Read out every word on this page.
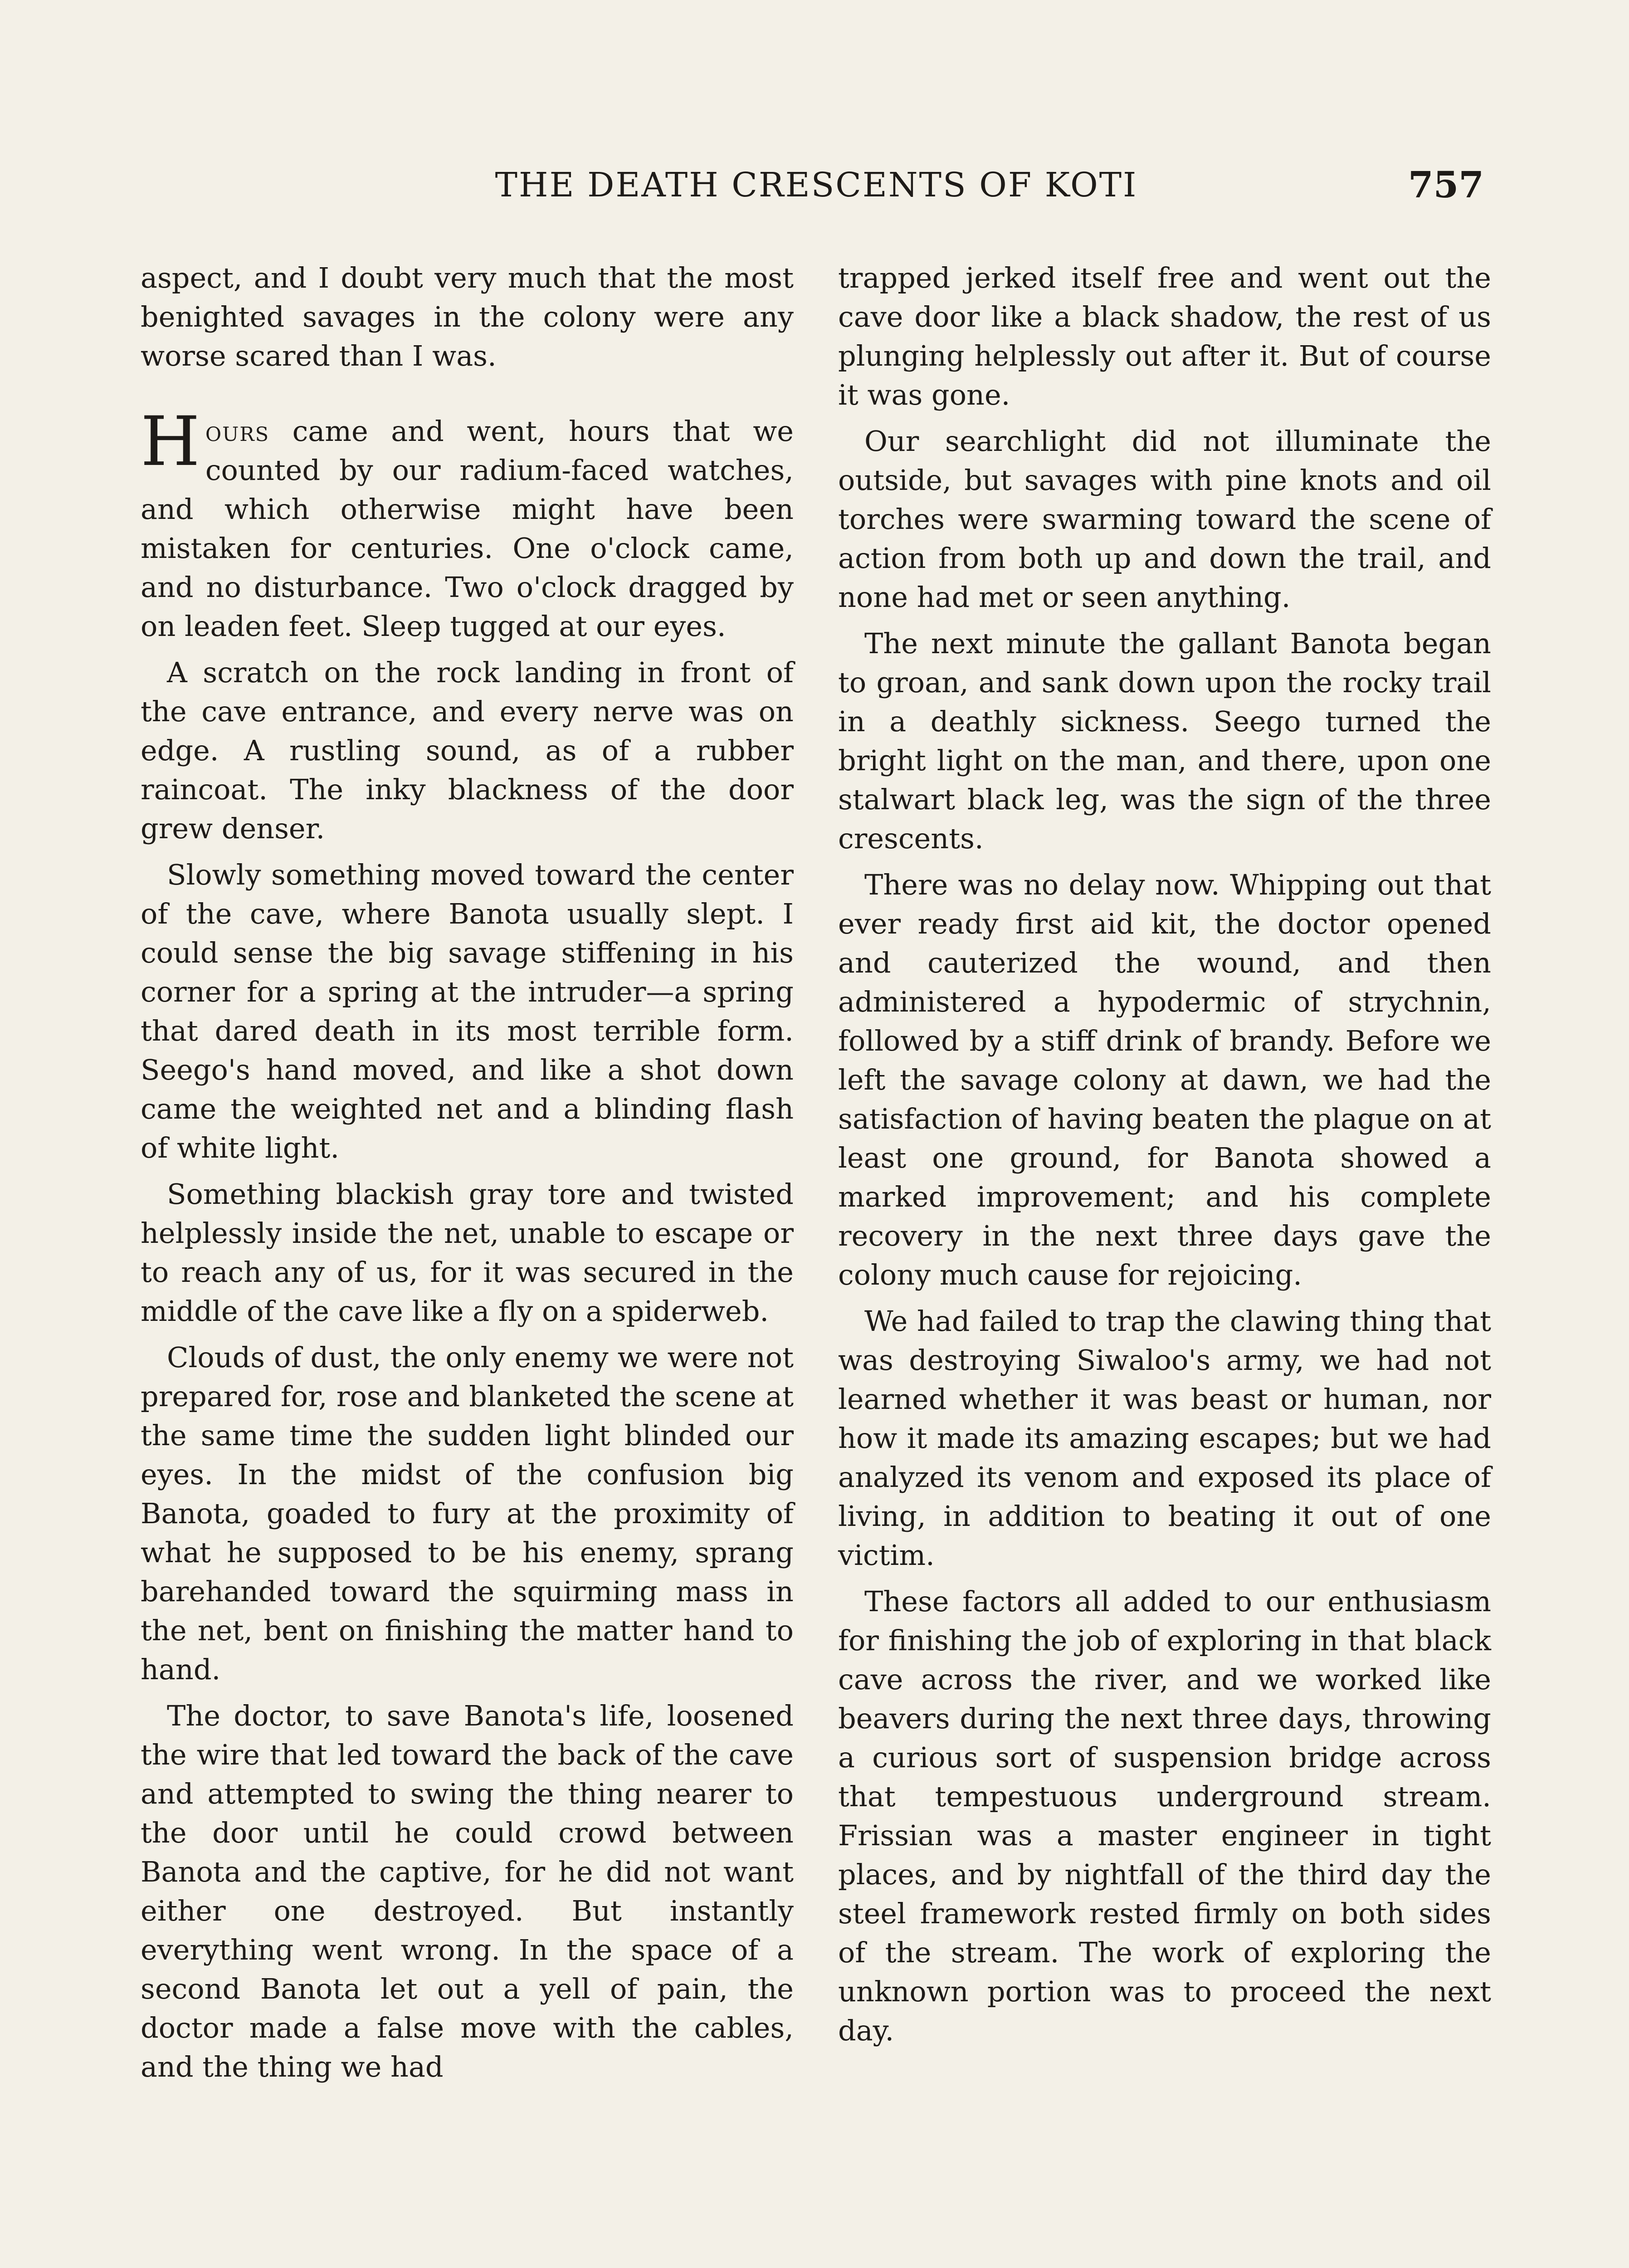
THE DEATH CRESCENTS OF KOTI	757

aspect, and I doubt very much that the most benighted savages in the colony were any worse scared than I was.

Hours came and went, hours that we counted by our radium-faced watches, and which otherwise might have been mistaken for centuries. One o'clock came, and no disturbance. Two o'clock dragged by on leaden feet. Sleep tugged at our eyes.

A scratch on the rock landing in front of the cave entrance, and every nerve was on edge. A rustling sound, as of a rubber raincoat. The inky blackness of the door grew denser.

Slowly something moved toward the center of the cave, where Banota usually slept. I could sense the big savage stiffening in his corner for a spring at the intruder—a spring that dared death in its most terrible form. Seego's hand moved, and like a shot down came the weighted net and a blinding flash of white light.

Something blackish gray tore and twisted helplessly inside the net, unable to escape or to reach any of us, for it was secured in the middle of the cave like a fly on a spiderweb.

Clouds of dust, the only enemy we were not prepared for, rose and blanketed the scene at the same time the sudden light blinded our eyes. In the midst of the confusion big Banota, goaded to fury at the proximity of what he supposed to be his enemy, sprang barehanded toward the squirming mass in the net, bent on finishing the matter hand to hand.

The doctor, to save Banota's life, loosened the wire that led toward the back of the cave and attempted to swing the thing nearer to the door until he could crowd between Banota and the captive, for he did not want either one destroyed. But instantly everything went wrong. In the space of a second Banota let out a yell of pain, the doctor made a false move with the cables, and the thing we had

trapped jerked itself free and went out the cave door like a black shadow, the rest of us plunging helplessly out after it. But of course it was gone.

Our searchlight did not illuminate the outside, but savages with pine knots and oil torches were swarming toward the scene of action from both up and down the trail, and none had met or seen anything.

The next minute the gallant Banota began to groan, and sank down upon the rocky trail in a deathly sickness. Seego turned the bright light on the man, and there, upon one stalwart black leg, was the sign of the three crescents.

There was no delay now. Whipping out that ever ready first aid kit, the doctor opened and cauterized the wound, and then administered a hypodermic of strychnin, followed by a stiff drink of brandy. Before we left the savage colony at dawn, we had the satisfaction of having beaten the plague on at least one ground, for Banota showed a marked improvement; and his complete recovery in the next three days gave the colony much cause for rejoicing.

We had failed to trap the clawing thing that was destroying Siwaloo's army, we had not learned whether it was beast or human, nor how it made its amazing escapes; but we had analyzed its venom and exposed its place of living, in addition to beating it out of one victim.

These factors all added to our enthusiasm for finishing the job of exploring in that black cave across the river, and we worked like beavers during the next three days, throwing a curious sort of suspension bridge across that tempestuous underground stream. Frissian was a master engineer in tight places, and by nightfall of the third day the steel framework rested firmly on both sides of the stream. The work of exploring the unknown portion was to proceed the next day.
